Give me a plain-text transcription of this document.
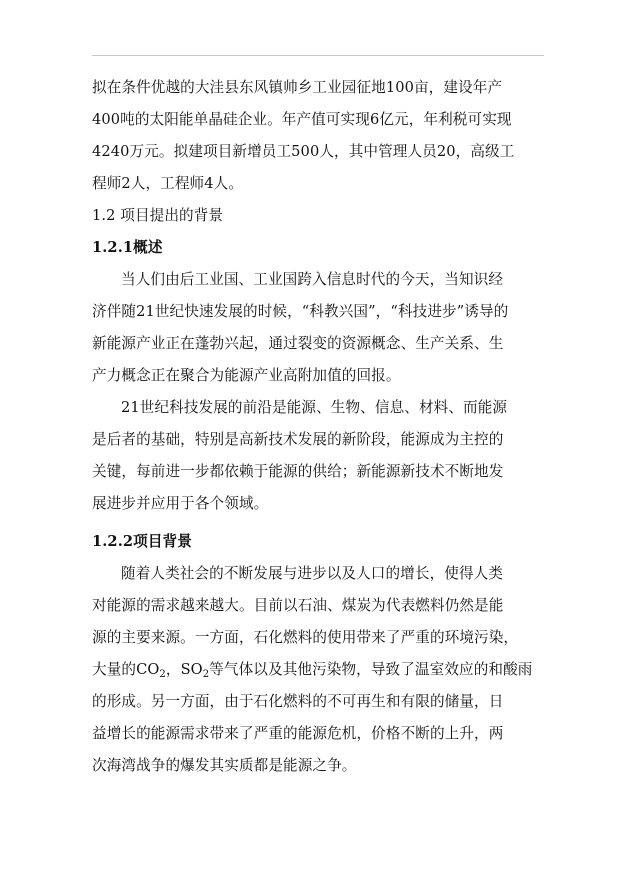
拟在条件优越的大洼县东风镇帅乡工业园征地100亩，建设年产
400吨的太阳能单晶硅企业。年产值可实现6亿元，年利税可实现
4240万元。拟建项目新增员工500人，其中管理人员20，高级工
程师2人，工程师4人。
1.2 项目提出的背景
1.2.1概述
当人们由后工业国、工业国跨入信息时代的今天，当知识经
济伴随21世纪快速发展的时候，“科教兴国”，“科技进步”诱导的
新能源产业正在蓬勃兴起，通过裂变的资源概念、生产关系、生
产力概念正在聚合为能源产业高附加值的回报。
21世纪科技发展的前沿是能源、生物、信息、材料、而能源
是后者的基础，特别是高新技术发展的新阶段，能源成为主控的
关键，每前进一步都依赖于能源的供给；新能源新技术不断地发
展进步并应用于各个领域。
1.2.2项目背景
随着人类社会的不断发展与进步以及人口的增长，使得人类
对能源的需求越来越大。目前以石油、煤炭为代表燃料仍然是能
源的主要来源。一方面，石化燃料的使用带来了严重的环境污染，
大量的$CO_2$，$SO_2$等气体以及其他污染物，导致了温室效应的和酸雨
的形成。另一方面，由于石化燃料的不可再生和有限的储量，日
益增长的能源需求带来了严重的能源危机，价格不断的上升，两
次海湾战争的爆发其实质都是能源之争。
